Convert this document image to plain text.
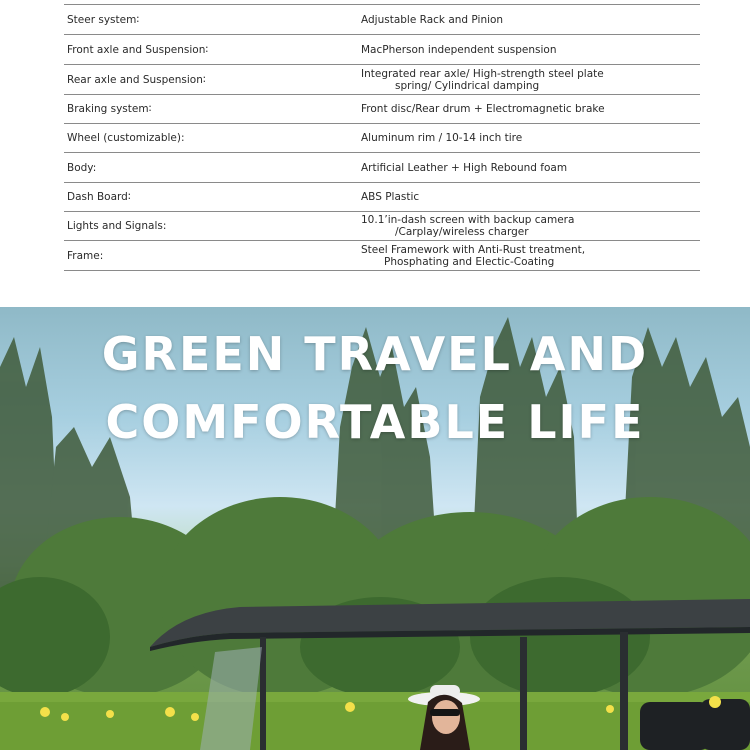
Steer system∶	Adjustable Rack and Pinion
Front axle and Suspension∶	MacPherson independent suspension
Rear axle and Suspension∶	Integrated rear axle/ High-strength steel plate
spring/ Cylindrical damping
Braking system∶	Front disc/Rear drum + Electromagnetic brake
Wheel (customizable):	Aluminum rim / 10-14 inch tire
Body:	Artificial Leather + High Rebound foam
Dash Board∶	ABS Plastic
Lights and Signals:	10.1’in-dash screen with backup camera
/Carplay/wireless charger
Frame:	Steel Framework with Anti-Rust treatment,
Phosphating and Electic-Coating
GREEN TRAVEL AND
COMFORTABLE LIFE
